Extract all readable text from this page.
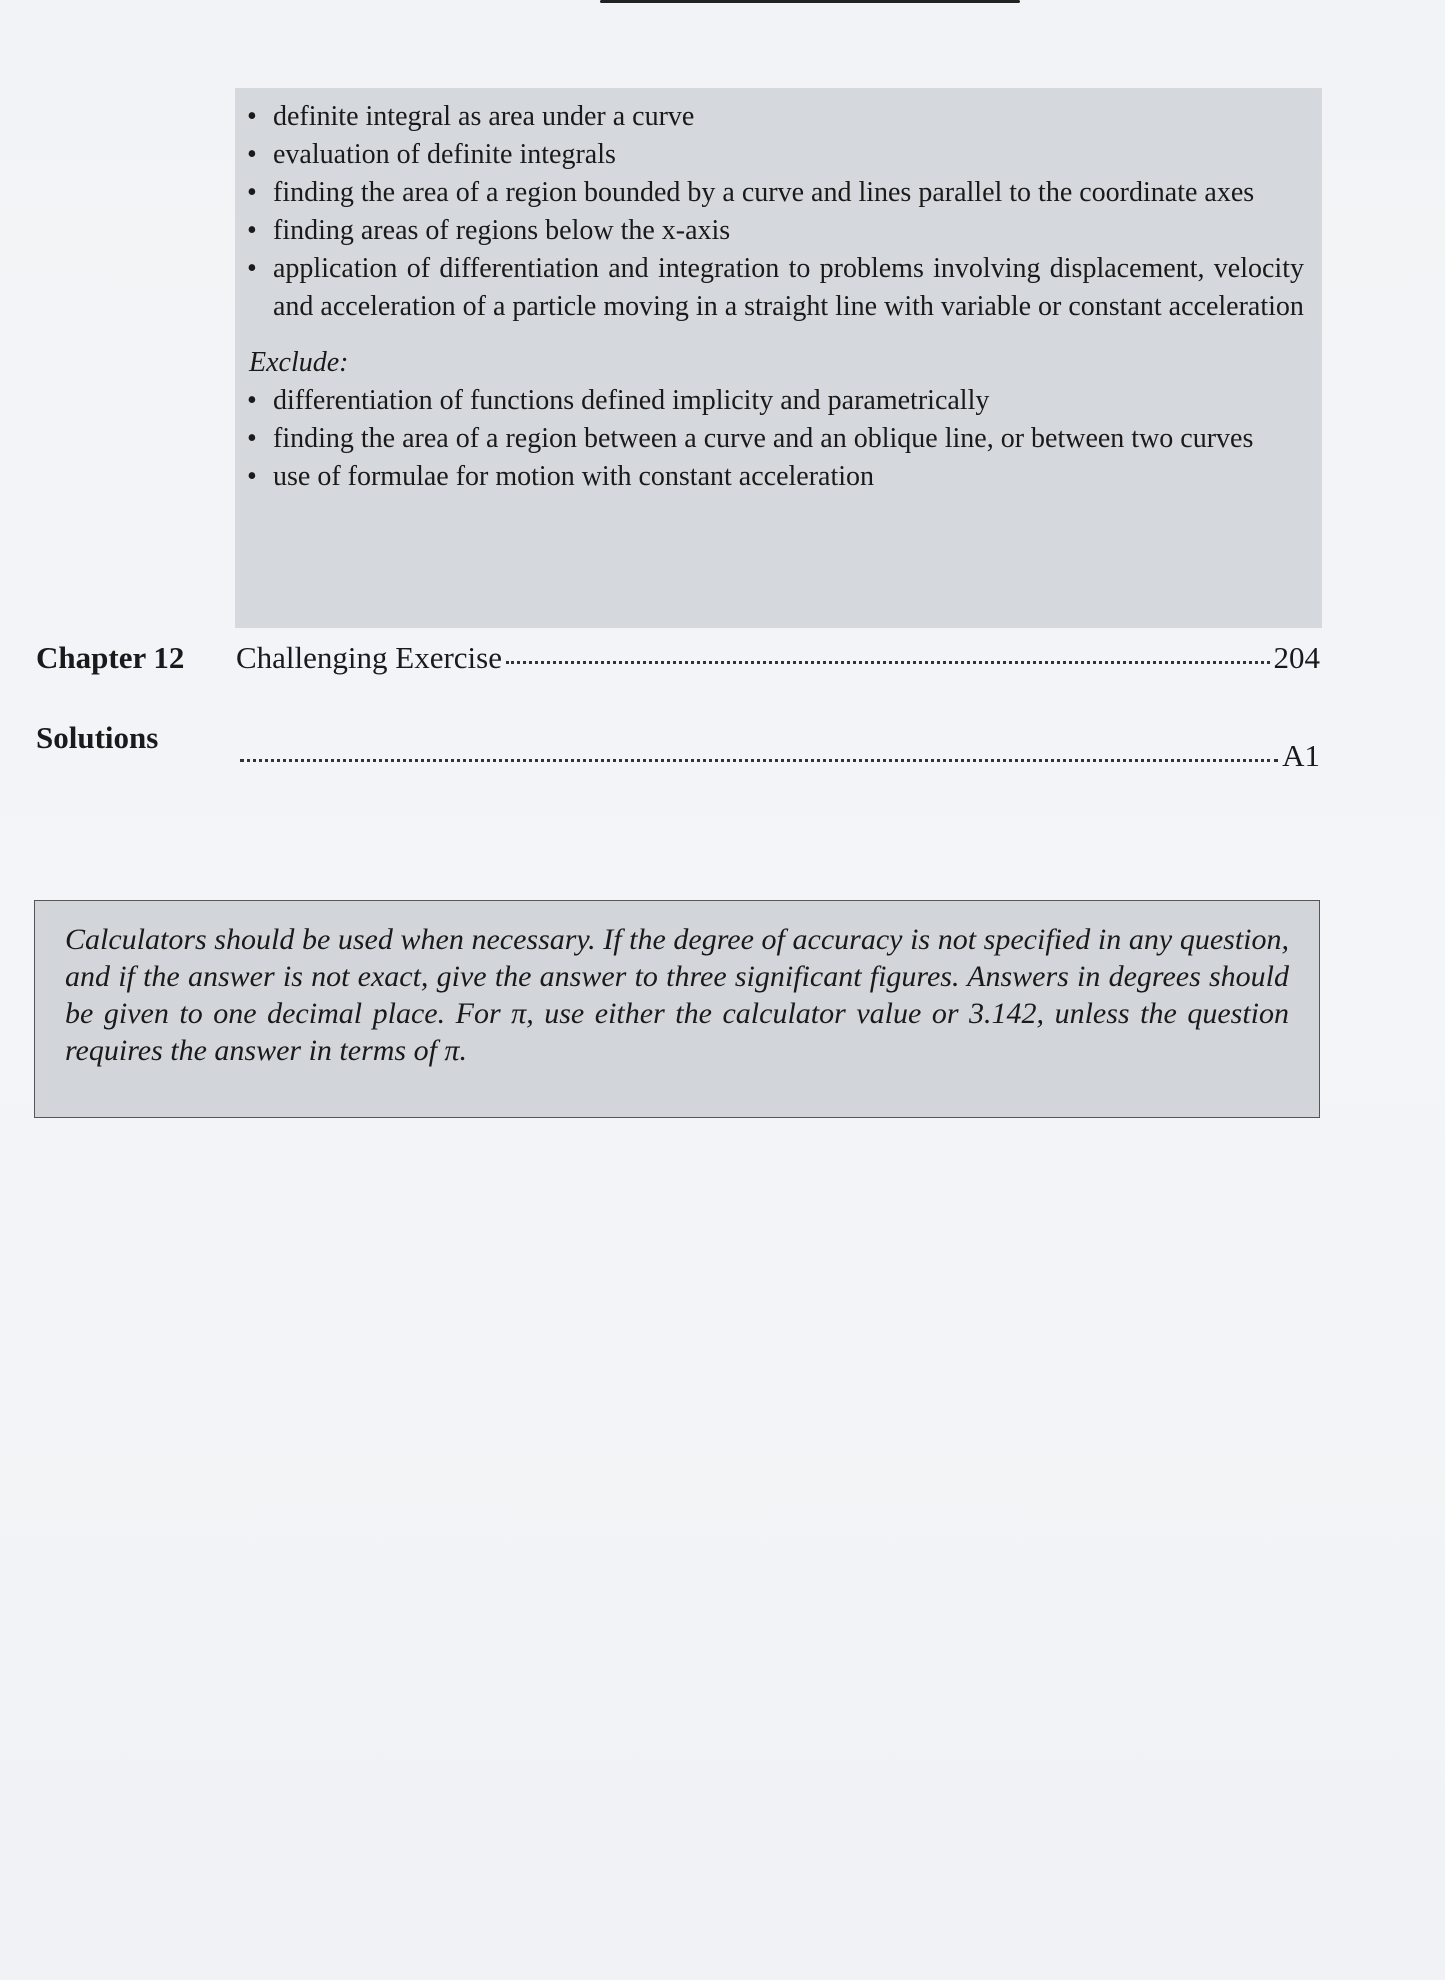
• definite integral as area under a curve
• evaluation of definite integrals
• finding the area of a region bounded by a curve and lines parallel to the coordinate axes
• finding areas of regions below the x-axis
• application of differentiation and integration to problems involving displacement, velocity and acceleration of a particle moving in a straight line with variable or constant acceleration
Exclude:
• differentiation of functions defined implicity and parametrically
• finding the area of a region between a curve and an oblique line, or between two curves
• use of formulae for motion with constant acceleration
Chapter 12	Challenging Exercise	204
Solutions
A1
Calculators should be used when necessary. If the degree of accuracy is not specified in any question, and if the answer is not exact, give the answer to three significant figures. Answers in degrees should be given to one decimal place. For π, use either the calculator value or 3.142, unless the question requires the answer in terms of π.
